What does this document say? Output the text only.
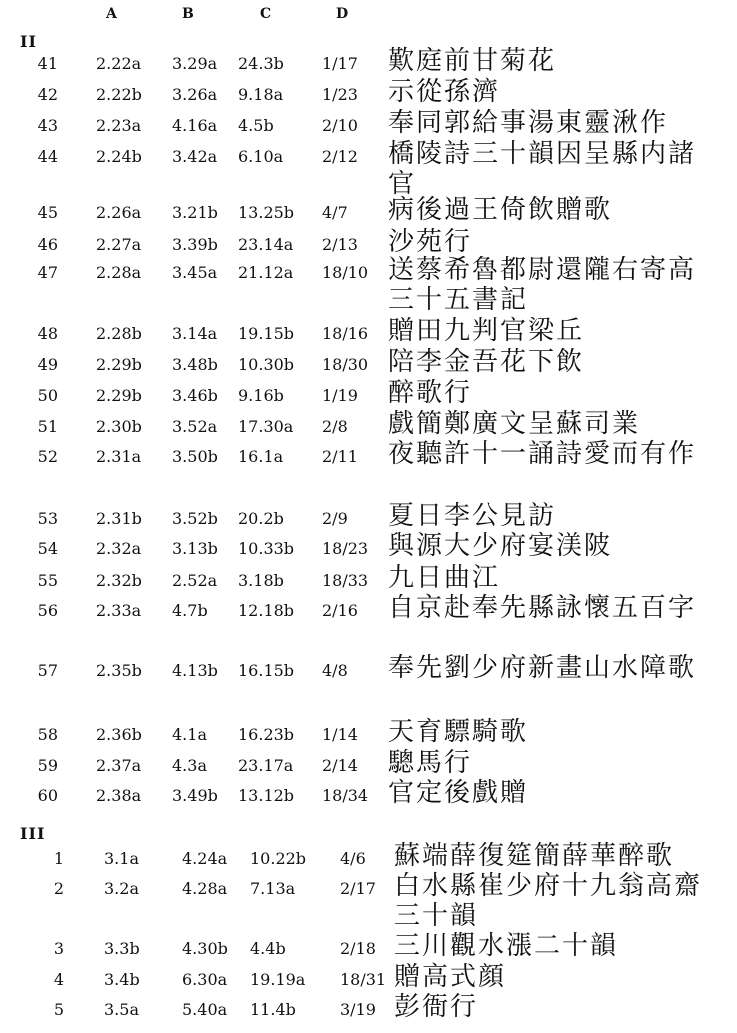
A	B	C	D
II
41 2.22a 3.29a 24.3b 1/17 歎庭前甘菊花
42 2.22b 3.26a 9.18a 1/23 示從孫濟
43 2.23a 4.16a 4.5b	2/10 奉同郭給事湯東靈湫作
44 2.24b 3.42a 6.10a 2/12 橋陵詩三十韻因呈縣内諸官
45 2.26a 3.21b 13.25b 4/7 病後過王倚飲贈歌
46 2.27a 3.39b 23.14a 2/13 沙苑行
47 2.28a 3.45a 21.12a 18/10 送蔡希魯都尉還隴右寄高三十五書記
48 2.28b 3.14a 19.15b 18/16 贈田九判官梁丘
49 2.29b 3.48b 10.30b 18/30 陪李金吾花下飲
50 2.29b 3.46b 9.16b 1/19 醉歌行
51 2.30b 3.52a 17.30a 2/8 戲簡鄭廣文呈蘇司業
52 2.31a 3.50b 16.1a 2/11 夜聽許十一誦詩愛而有作
53 2.31b 3.52b 20.2b 2/9 夏日李公見訪
54 2.32a 3.13b 10.33b 18/23 與源大少府宴渼陂
55 2.32b 2.52a 3.18b 18/33 九日曲江
56 2.33a 4.7b 12.18b 2/16 自京赴奉先縣詠懷五百字
57 2.35b 4.13b 16.15b 4/8 奉先劉少府新畫山水障歌
58 2.36b 4.1a 16.23b 1/14 天育驃騎歌
59 2.37a 4.3a 23.17a 2/14 驄馬行
60 2.38a 3.49b 13.12b 18/34 官定後戲贈
III
1	3.1a	4.24a 10.22b 4/6 蘇端薛復筵簡薛華醉歌
2	3.2a	4.28a 7.13a	2/17 白水縣崔少府十九翁高齋三十韻
3	3.3b	4.30b 4.4b	2/18 三川觀水漲二十韻
4	3.4b	6.30a 19.19a 18/31 贈高式顔
5	3.5a	5.40a 11.4b	3/19 彭衙行
